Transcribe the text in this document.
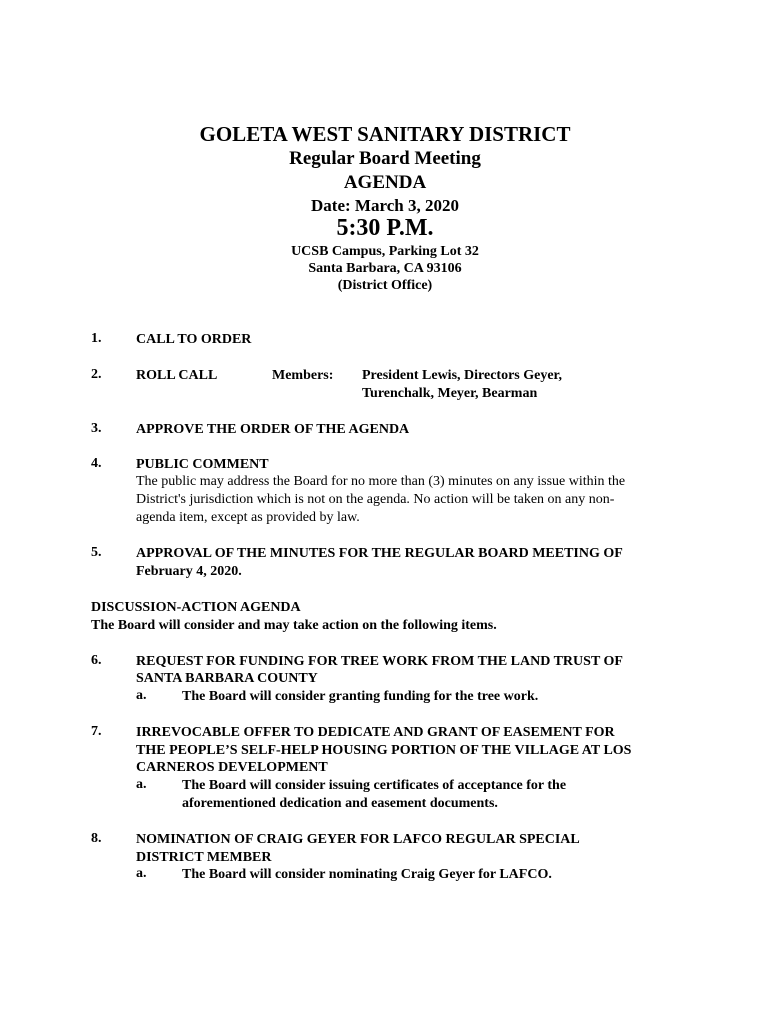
GOLETA WEST SANITARY DISTRICT
Regular Board Meeting
AGENDA
Date: March 3, 2020
5:30 P.M.
UCSB Campus, Parking Lot 32
Santa Barbara, CA 93106
(District Office)
1. CALL TO ORDER
2. ROLL CALL	Members: President Lewis, Directors Geyer,
Turenchalk, Meyer, Bearman
3. APPROVE THE ORDER OF THE AGENDA
4. PUBLIC COMMENT
The public may address the Board for no more than (3) minutes on any issue within the
District's jurisdiction which is not on the agenda. No action will be taken on any non-
agenda item, except as provided by law.
5. APPROVAL OF THE MINUTES FOR THE REGULAR BOARD MEETING OF
February 4, 2020.
DISCUSSION-ACTION AGENDA
The Board will consider and may take action on the following items.
6. REQUEST FOR FUNDING FOR TREE WORK FROM THE LAND TRUST OF
SANTA BARBARA COUNTY
a.	The Board will consider granting funding for the tree work.
7. IRREVOCABLE OFFER TO DEDICATE AND GRANT OF EASEMENT FOR
THE PEOPLE’S SELF-HELP HOUSING PORTION OF THE VILLAGE AT LOS
CARNEROS DEVELOPMENT
a.	The Board will consider issuing certificates of acceptance for the
aforementioned dedication and easement documents.
8. NOMINATION OF CRAIG GEYER FOR LAFCO REGULAR SPECIAL
DISTRICT MEMBER
a.	The Board will consider nominating Craig Geyer for LAFCO.
